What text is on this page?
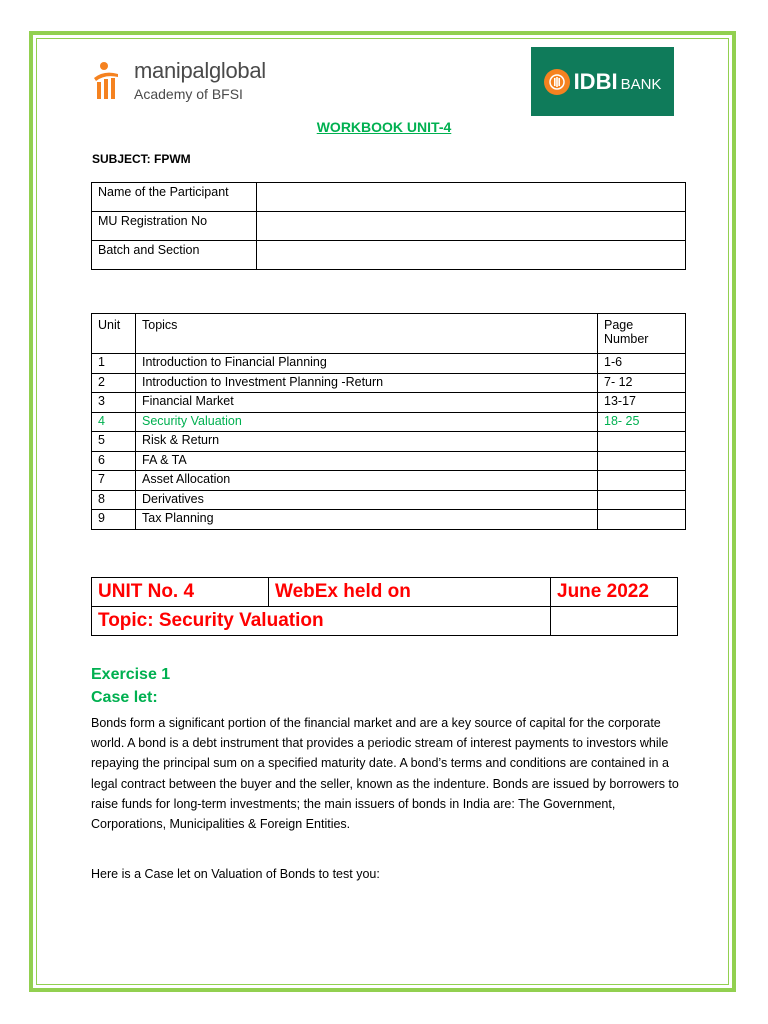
manipalglobal
Academy of BFSI
IDBI BANK
WORKBOOK UNIT-4
SUBJECT: FPWM
Name of the Participant	
MU Registration No	
Batch and Section	
Unit	Topics	Page Number
1	Introduction to Financial Planning	1-6
2	Introduction to Investment Planning -Return	7- 12
3	Financial Market	13-17
4	Security Valuation	18- 25
5	Risk & Return	
6	FA & TA	
7	Asset Allocation	
8	Derivatives	
9	Tax Planning	
UNIT No. 4	WebEx held on	June 2022
Topic: Security Valuation		
Exercise 1
Case let:
Bonds form a significant portion of the financial market and are a key source of capital for the corporate world. A bond is a debt instrument that provides a periodic stream of interest payments to investors while repaying the principal sum on a specified maturity date. A bond’s terms and conditions are contained in a legal contract between the buyer and the seller, known as the indenture. Bonds are issued by borrowers to raise funds for long-term investments; the main issuers of bonds in India are: The Government, Corporations, Municipalities & Foreign Entities.
Here is a Case let on Valuation of Bonds to test you:
